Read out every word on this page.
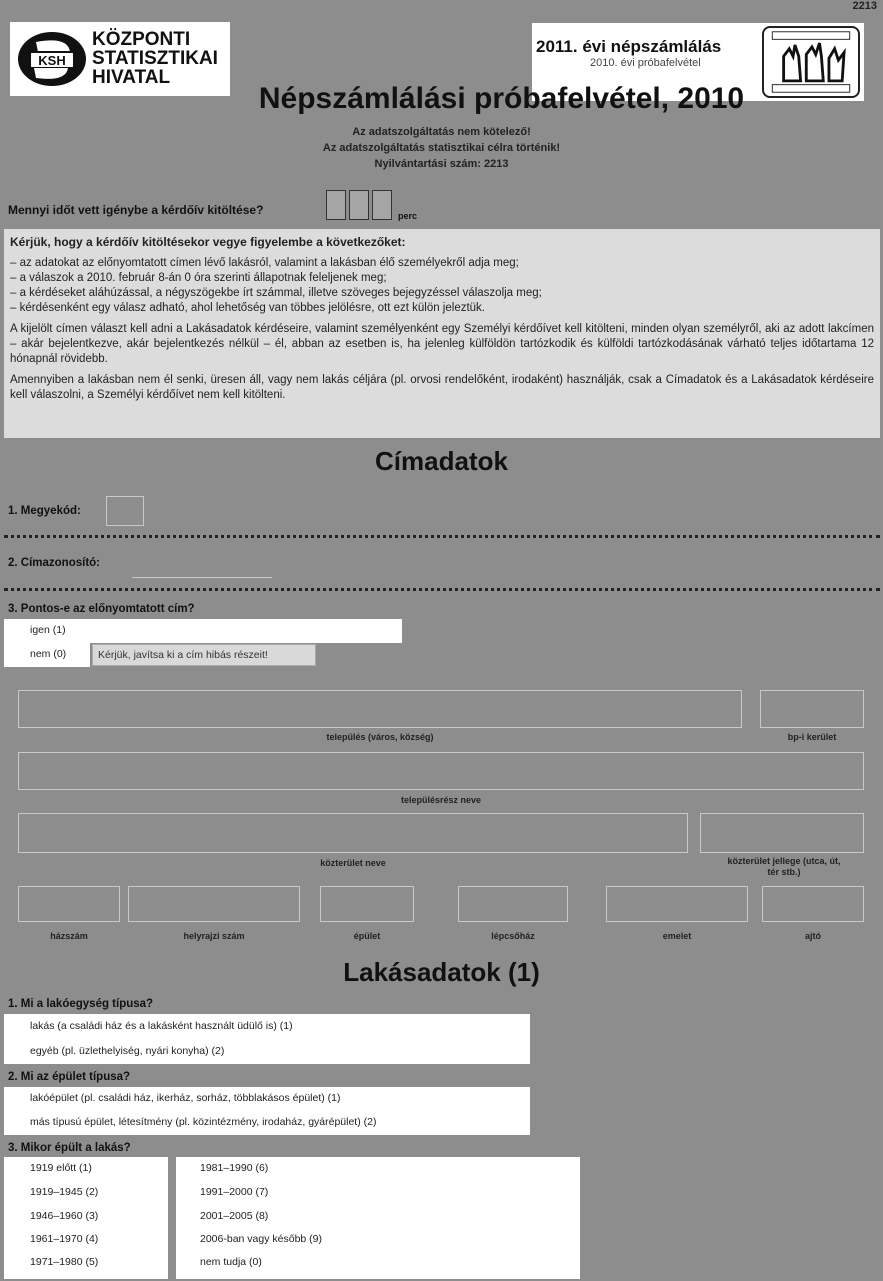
2213
KSH
KÖZPONTI
STATISZTIKAI
HIVATAL
2011. évi népszámlálás
2010. évi próbafelvétel
Népszámlálási próbafelvétel, 2010
Az adatszolgáltatás nem kötelező!
Az adatszolgáltatás statisztikai célra történik!
Nyilvántartási szám: 2213
Mennyi időt vett igénybe a kérdőív kitöltése?	perc
Kérjük, hogy a kérdőív kitöltésekor vegye figyelembe a következőket:
– az adatokat az előnyomtatott címen lévő lakásról, valamint a lakásban élő személyekről adja meg;
– a válaszok a 2010. február 8-án 0 óra szerinti állapotnak feleljenek meg;
– a kérdéseket aláhúzással, a négyszögekbe írt számmal, illetve szöveges bejegyzéssel válaszolja meg;
– kérdésenként egy válasz adható, ahol lehetőség van többes jelölésre, ott ezt külön jeleztük.

A kijelölt címen választ kell adni a Lakásadatok kérdéseire, valamint személyenként egy Személyi kérdőívet kell kitölteni, minden olyan személyről, aki az adott lakcímen – akár bejelentkezve, akár bejelentkezés nélkül – él, abban az esetben is, ha jelenleg külföldön tartózkodik és külföldi tartózkodásának várható teljes időtartama 12 hónapnál rövidebb.

Amennyiben a lakásban nem él senki, üresen áll, vagy nem lakás céljára (pl. orvosi rendelőként, irodaként) használják, csak a Címadatok és a Lakásadatok kérdéseire kell válaszolni, a Személyi kérdőívet nem kell kitölteni.

Címadatok
1. Megyekód:
2. Címazonosító:
3. Pontos-e az előnyomtatott cím?
igen (1)
nem (0)	Kérjük, javítsa ki a cím hibás részeit!
település (város, község)	bp-i kerület
településrész neve
közterület neve	közterület jellege (utca, út, tér stb.)
házszám	helyrajzi szám	épület	lépcsőház	emelet	ajtó
Lakásadatok (1)
1. Mi a lakóegység típusa?
lakás (a családi ház és a lakásként használt üdülő is) (1)
egyéb (pl. üzlethelyiség, nyári konyha) (2)
2. Mi az épület típusa?
lakóépület (pl. családi ház, ikerház, sorház, többlakásos épület) (1)
más típusú épület, létesítmény (pl. közintézmény, irodaház, gyárépület) (2)
3. Mikor épült a lakás?
1919 előtt (1)
1919–1945 (2)
1946–1960 (3)
1961–1970 (4)
1971–1980 (5)
1981–1990 (6)
1991–2000 (7)
2001–2005 (8)
2006-ban vagy később (9)
nem tudja (0)
